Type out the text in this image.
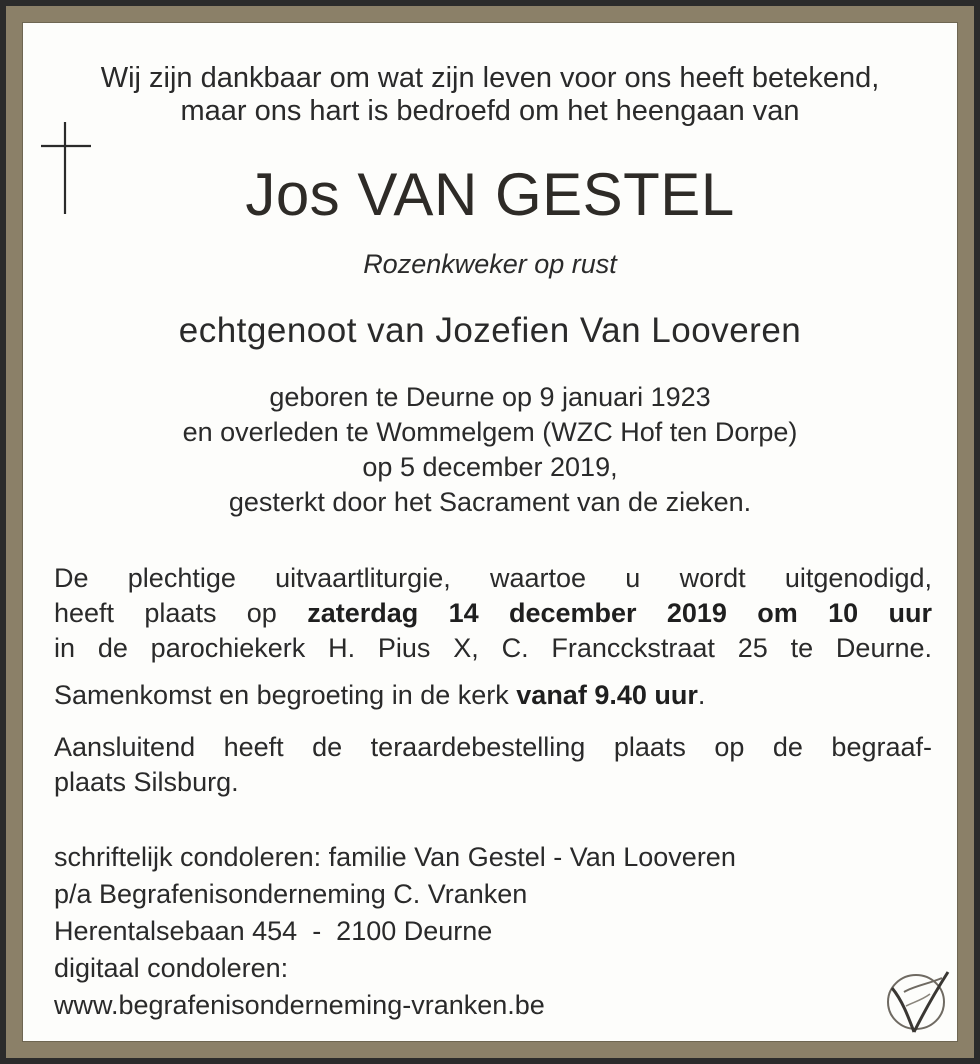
Wij zijn dankbaar om wat zijn leven voor ons heeft betekend,
maar ons hart is bedroefd om het heengaan van
Jos VAN GESTEL
Rozenkweker op rust
echtgenoot van Jozefien Van Looveren
geboren te Deurne op 9 januari 1923
en overleden te Wommelgem (WZC Hof ten Dorpe)
op 5 december 2019,
gesterkt door het Sacrament van de zieken.
De plechtige uitvaartliturgie, waartoe u wordt uitgenodigd,
heeft plaats op zaterdag 14 december 2019 om 10 uur
in de parochiekerk H. Pius X, C. Francckstraat 25 te Deurne.
Samenkomst en begroeting in de kerk vanaf 9.40 uur.
Aansluitend heeft de teraardebestelling plaats op de begraaf-
plaats Silsburg.
schriftelijk condoleren: familie Van Gestel - Van Looveren
p/a Begrafenisonderneming C. Vranken
Herentalsebaan 454  -  2100 Deurne
digitaal condoleren:
www.begrafenisonderneming-vranken.be
